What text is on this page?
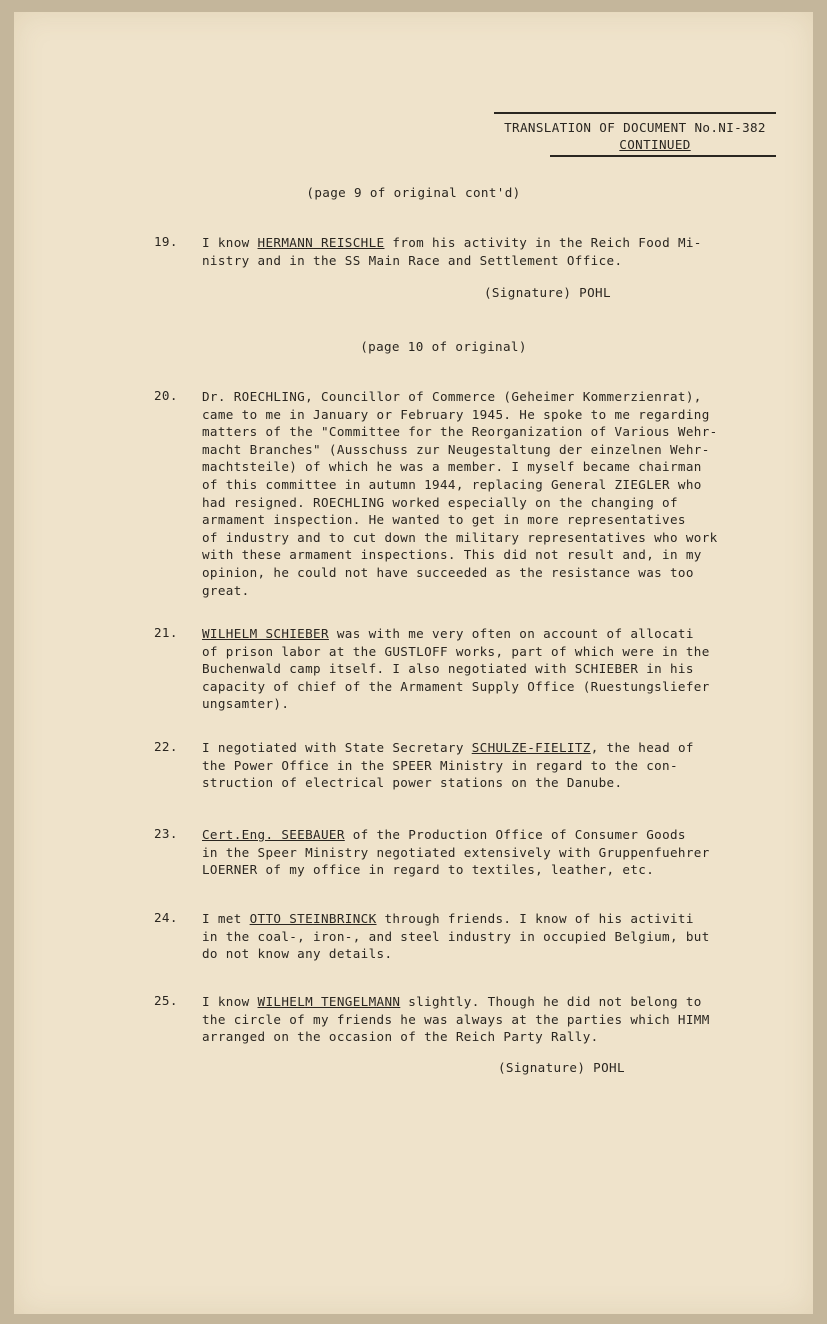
TRANSLATION OF DOCUMENT No.NI-382
CONTINUED
(page 9 of original cont'd)
19. I know HERMANN REISCHLE from his activity in the Reich Food Mi-
nistry and in the SS Main Race and Settlement Office.
(Signature) POHL
(page 10 of original)
20. Dr. ROECHLING, Councillor of Commerce (Geheimer Kommerzienrat),
came to me in January or February 1945. He spoke to me regarding
matters of the "Committee for the Reorganization of Various Wehr-
macht Branches" (Ausschuss zur Neugestaltung der einzelnen Wehr-
machtsteile) of which he was a member. I myself became chairman
of this committee in autumn 1944, replacing General ZIEGLER who
had resigned. ROECHLING worked especially on the changing of
armament inspection. He wanted to get in more representatives
of industry and to cut down the military representatives who work
with these armament inspections. This did not result and, in my
opinion, he could not have succeeded as the resistance was too
great.
21. WILHELM SCHIEBER was with me very often on account of allocati
of prison labor at the GUSTLOFF works, part of which were in the
Buchenwald camp itself. I also negotiated with SCHIEBER in his
capacity of chief of the Armament Supply Office (Ruestungsliefer
ungsamter).
22. I negotiated with State Secretary SCHULZE-FIELITZ, the head of
the Power Office in the SPEER Ministry in regard to the con-
struction of electrical power stations on the Danube.
23. Cert.Eng. SEEBAUER of the Production Office of Consumer Goods
in the Speer Ministry negotiated extensively with Gruppenfuehrer
LOERNER of my office in regard to textiles, leather, etc.
24. I met OTTO STEINBRINCK through friends. I know of his activiti
in the coal-, iron-, and steel industry in occupied Belgium, but
do not know any details.
25. I know WILHELM TENGELMANN slightly. Though he did not belong to
the circle of my friends he was always at the parties which HIMM
arranged on the occasion of the Reich Party Rally.
(Signature) POHL
